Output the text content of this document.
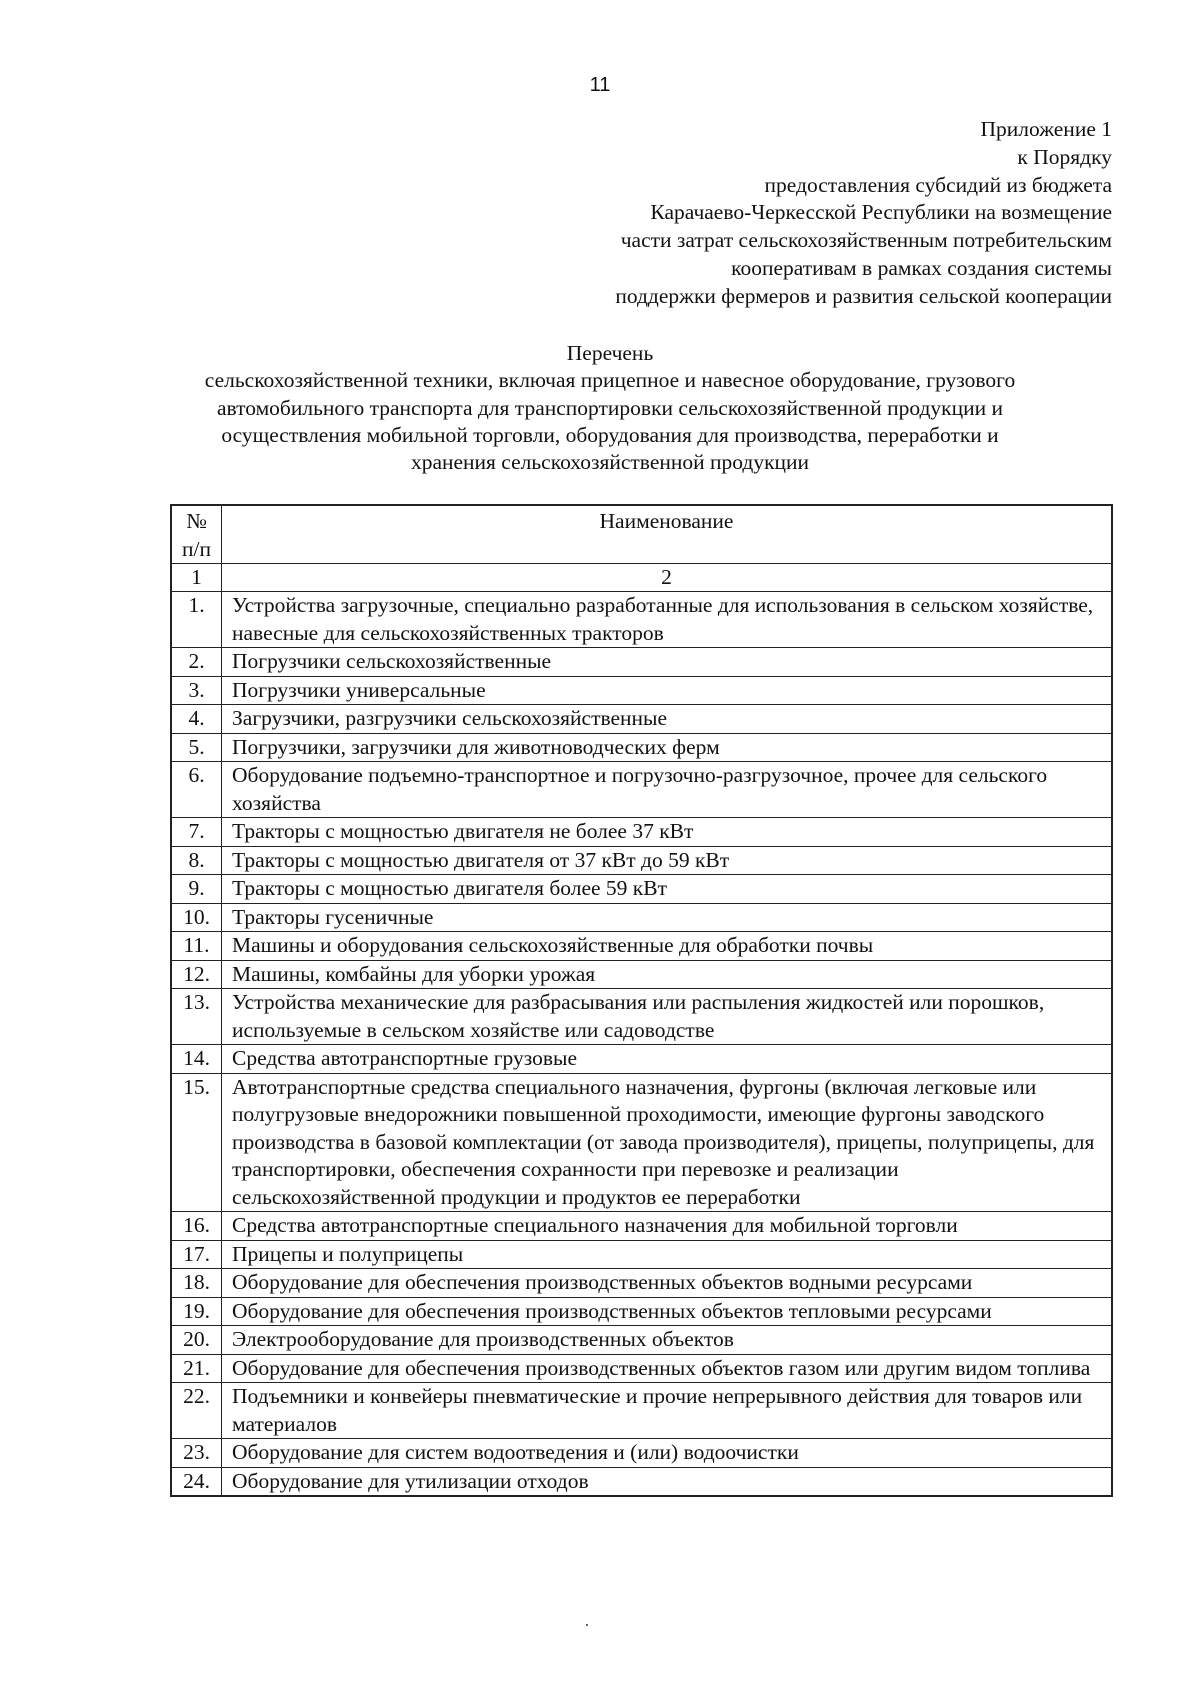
11
Приложение 1
к Порядку
предоставления субсидий из бюджета
Карачаево-Черкесской Республики на возмещение
части затрат сельскохозяйственным потребительским
кооперативам в рамках создания системы
поддержки фермеров и развития сельской кооперации
Перечень
сельскохозяйственной техники, включая прицепное и навесное оборудование, грузового
автомобильного транспорта для транспортировки сельскохозяйственной продукции и
осуществления мобильной торговли, оборудования для производства, переработки и
хранения сельскохозяйственной продукции
№
п/п	Наименование
1	2
1.	Устройства загрузочные, специально разработанные для использования в сельском хозяйстве, навесные для сельскохозяйственных тракторов
2.	Погрузчики сельскохозяйственные
3.	Погрузчики универсальные
4.	Загрузчики, разгрузчики сельскохозяйственные
5.	Погрузчики, загрузчики для животноводческих ферм
6.	Оборудование подъемно-транспортное и погрузочно-разгрузочное, прочее для сельского хозяйства
7.	Тракторы с мощностью двигателя не более 37 кВт
8.	Тракторы с мощностью двигателя от 37 кВт до 59 кВт
9.	Тракторы с мощностью двигателя более 59 кВт
10.	Тракторы гусеничные
11.	Машины и оборудования сельскохозяйственные для обработки почвы
12.	Машины, комбайны для уборки урожая
13.	Устройства механические для разбрасывания или распыления жидкостей или порошков, используемые в сельском хозяйстве или садоводстве
14.	Средства автотранспортные грузовые
15.	Автотранспортные средства специального назначения, фургоны (включая легковые или полугрузовые внедорожники повышенной проходимости, имеющие фургоны заводского производства в базовой комплектации (от завода производителя), прицепы, полуприцепы, для транспортировки, обеспечения сохранности при перевозке и реализации сельскохозяйственной продукции и продуктов ее переработки
16.	Средства автотранспортные специального назначения для мобильной торговли
17.	Прицепы и полуприцепы
18.	Оборудование для обеспечения производственных объектов водными ресурсами
19.	Оборудование для обеспечения производственных объектов тепловыми ресурсами
20.	Электрооборудование для производственных объектов
21.	Оборудование для обеспечения производственных объектов газом или другим видом топлива
22.	Подъемники и конвейеры пневматические и прочие непрерывного действия для товаров или материалов
23.	Оборудование для систем водоотведения и (или) водоочистки
24.	Оборудование для утилизации отходов
